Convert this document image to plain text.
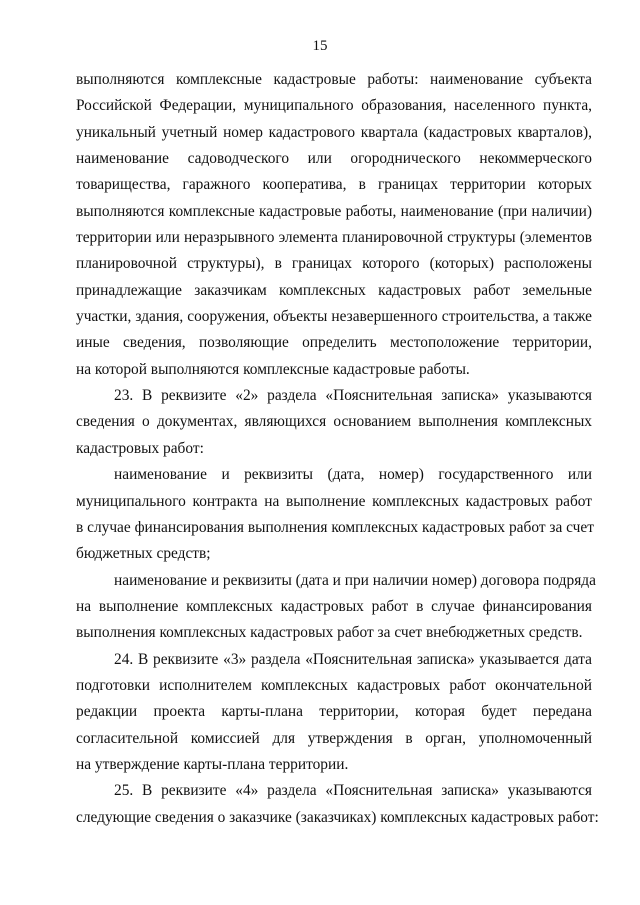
15

выполняются комплексные кадастровые работы: наименование субъекта
Российской Федерации, муниципального образования, населенного пункта,
уникальный учетный номер кадастрового квартала (кадастровых кварталов),
наименование садоводческого или огороднического некоммерческого
товарищества, гаражного кооператива, в границах территории которых
выполняются комплексные кадастровые работы, наименование (при наличии)
территории или неразрывного элемента планировочной структуры (элементов
планировочной структуры), в границах которого (которых) расположены
принадлежащие заказчикам комплексных кадастровых работ земельные
участки, здания, сооружения, объекты незавершенного строительства, а также
иные сведения, позволяющие определить местоположение территории,
на которой выполняются комплексные кадастровые работы.

23. В реквизите «2» раздела «Пояснительная записка» указываются
сведения о документах, являющихся основанием выполнения комплексных
кадастровых работ:

наименование и реквизиты (дата, номер) государственного или
муниципального контракта на выполнение комплексных кадастровых работ
в случае финансирования выполнения комплексных кадастровых работ за счет
бюджетных средств;

наименование и реквизиты (дата и при наличии номер) договора подряда
на выполнение комплексных кадастровых работ в случае финансирования
выполнения комплексных кадастровых работ за счет внебюджетных средств.

24. В реквизите «3» раздела «Пояснительная записка» указывается дата
подготовки исполнителем комплексных кадастровых работ окончательной
редакции проекта карты-плана территории, которая будет передана
согласительной комиссией для утверждения в орган, уполномоченный
на утверждение карты-плана территории.

25. В реквизите «4» раздела «Пояснительная записка» указываются
следующие сведения о заказчике (заказчиках) комплексных кадастровых работ:
